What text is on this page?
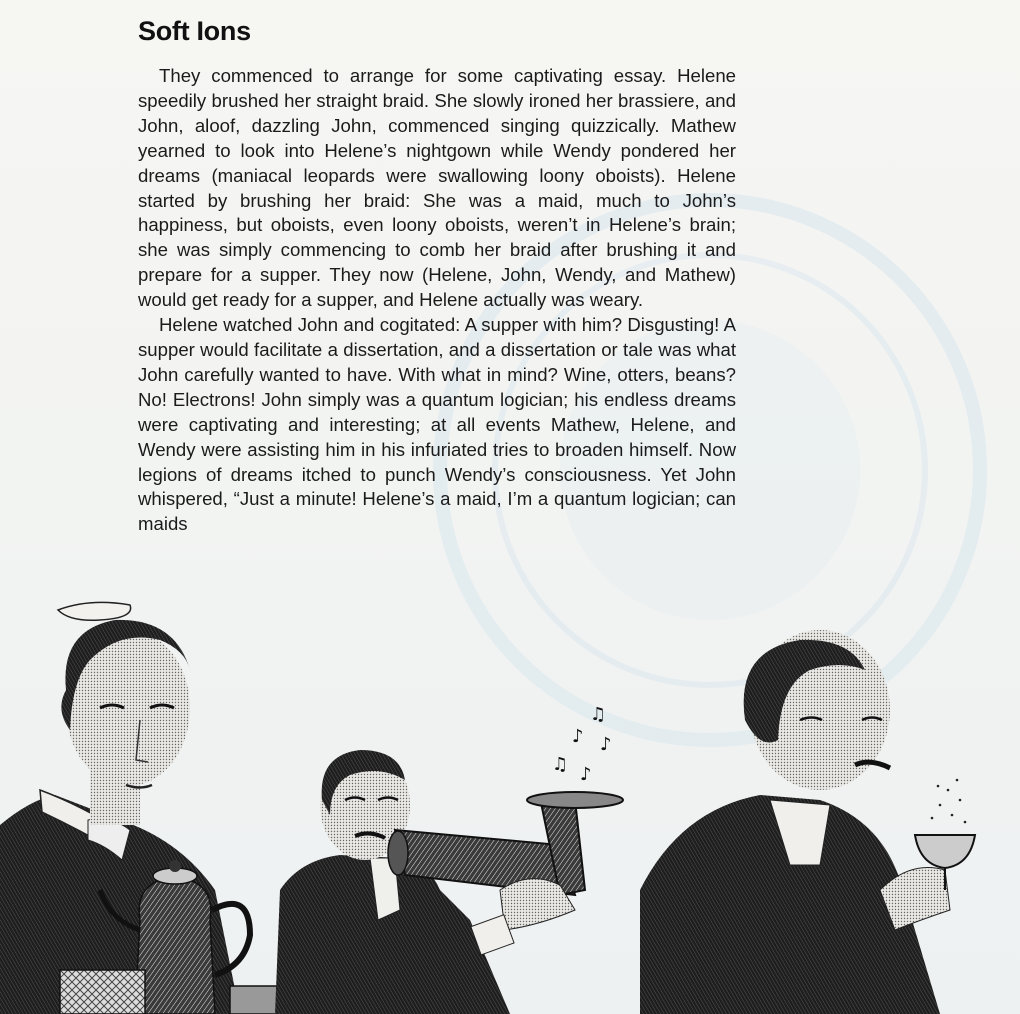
Soft Ions

They commenced to arrange for some captivating essay. Helene speedily brushed her straight braid. She slowly ironed her brassiere, and John, aloof, dazzling John, commenced singing quizzically. Mathew yearned to look into Helene’s nightgown while Wendy pondered her dreams (maniacal leopards were swallowing loony oboists). Helene started by brushing her braid: She was a maid, much to John’s happiness, but oboists, even loony oboists, weren’t in Helene’s brain; she was simply commencing to comb her braid after brushing it and prepare for a supper. They now (Helene, John, Wendy, and Mathew) would get ready for a supper, and Helene actually was weary.

Helene watched John and cogitated: A supper with him? Disgusting! A supper would facilitate a dissertation, and a dissertation or tale was what John carefully wanted to have. With what in mind? Wine, otters, beans? No! Electrons! John simply was a quantum logician; his endless dreams were captivating and interesting; at all events Mathew, Helene, and Wendy were assisting him in his infuriated tries to broaden himself. Now legions of dreams itched to punch Wendy’s consciousness. Yet John whispered, “Just a minute! Helene’s a maid, I’m a quantum logician; can maids

♫
♪ ♪
♫ ♪
